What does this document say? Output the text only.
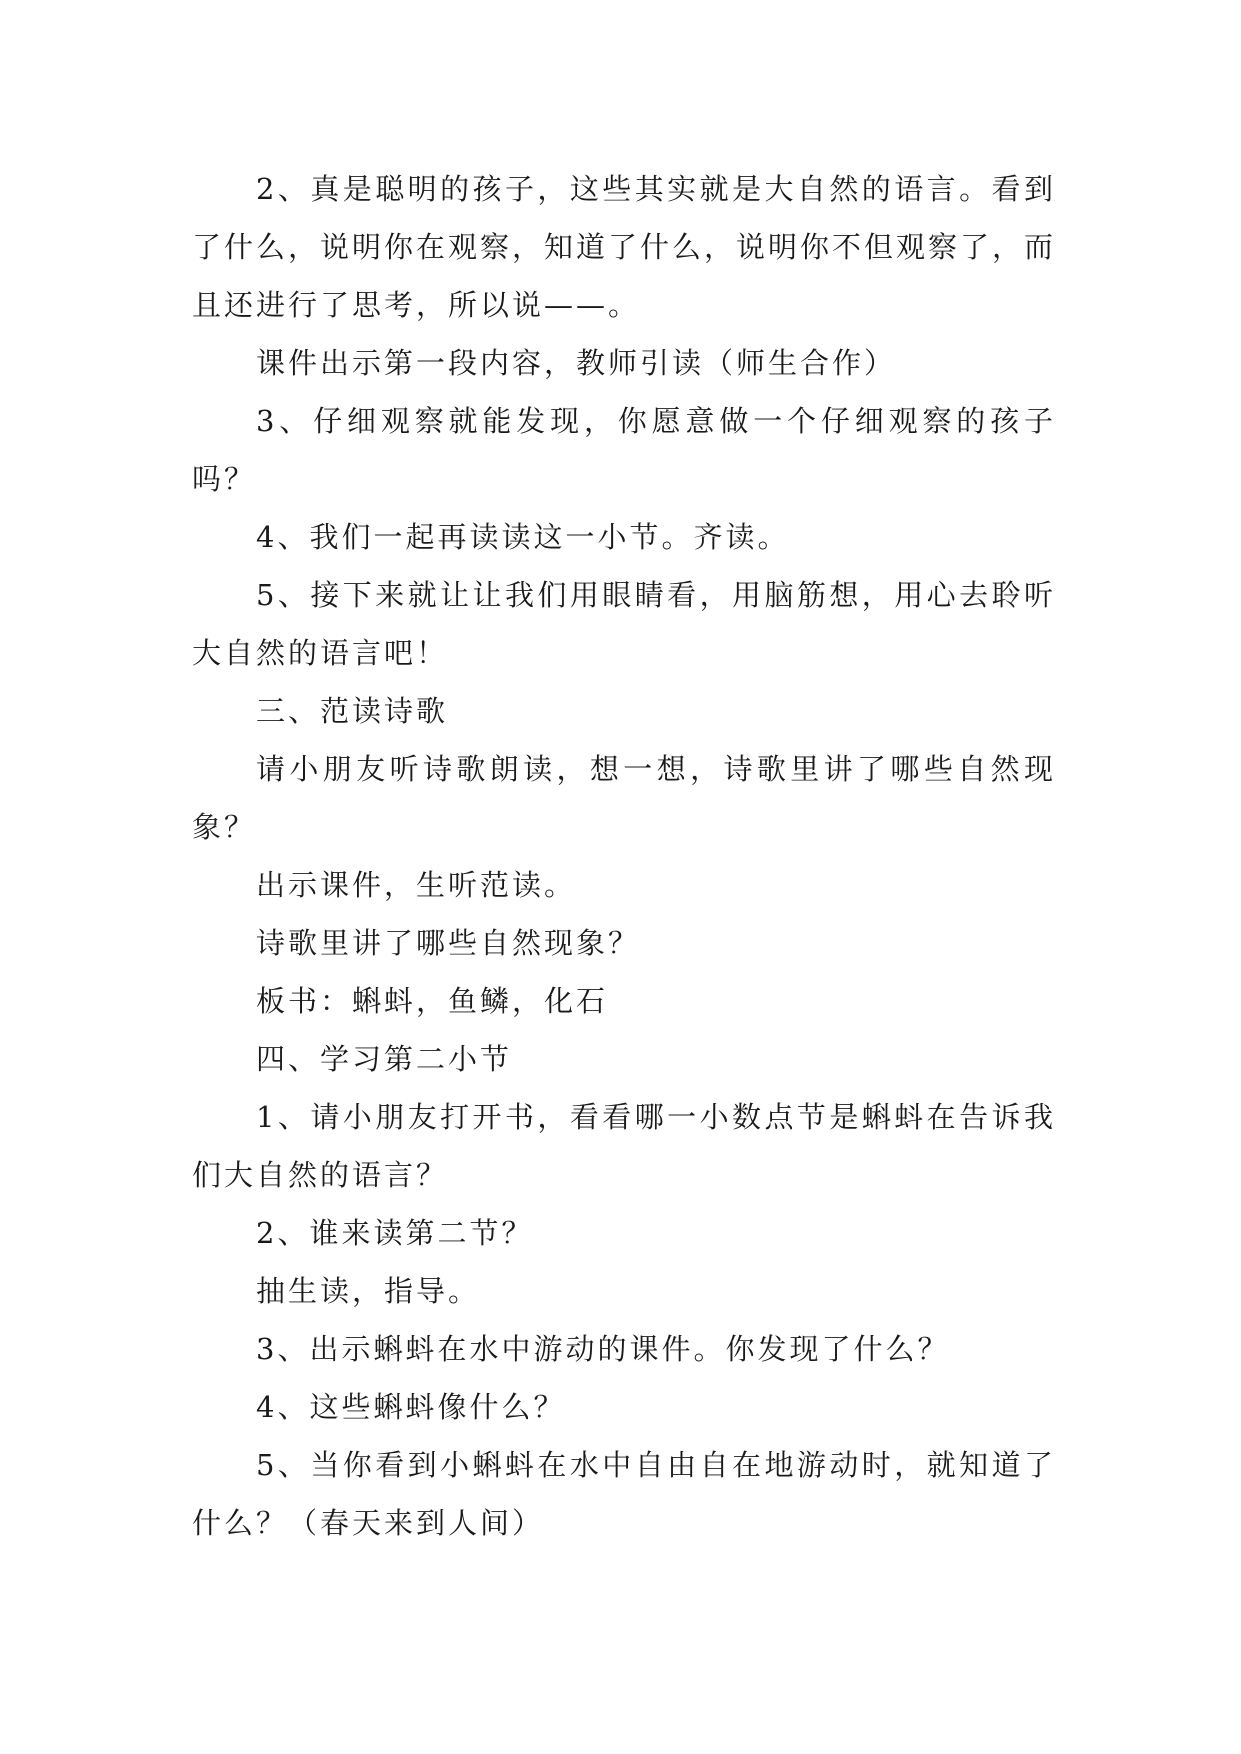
2、真是聪明的孩子，这些其实就是大自然的语言。看到了什么，说明你在观察，知道了什么，说明你不但观察了，而且还进行了思考，所以说——。

课件出示第一段内容，教师引读（师生合作）

3、仔细观察就能发现，你愿意做一个仔细观察的孩子吗？

4、我们一起再读读这一小节。齐读。

5、接下来就让让我们用眼睛看，用脑筋想，用心去聆听大自然的语言吧！

三、范读诗歌

请小朋友听诗歌朗读，想一想，诗歌里讲了哪些自然现象？

出示课件，生听范读。

诗歌里讲了哪些自然现象？

板书：蝌蚪，鱼鳞，化石

四、学习第二小节

1、请小朋友打开书，看看哪一小数点节是蝌蚪在告诉我们大自然的语言？

2、谁来读第二节？

抽生读，指导。

3、出示蝌蚪在水中游动的课件。你发现了什么？

4、这些蝌蚪像什么？

5、当你看到小蝌蚪在水中自由自在地游动时，就知道了什么？（春天来到人间）
